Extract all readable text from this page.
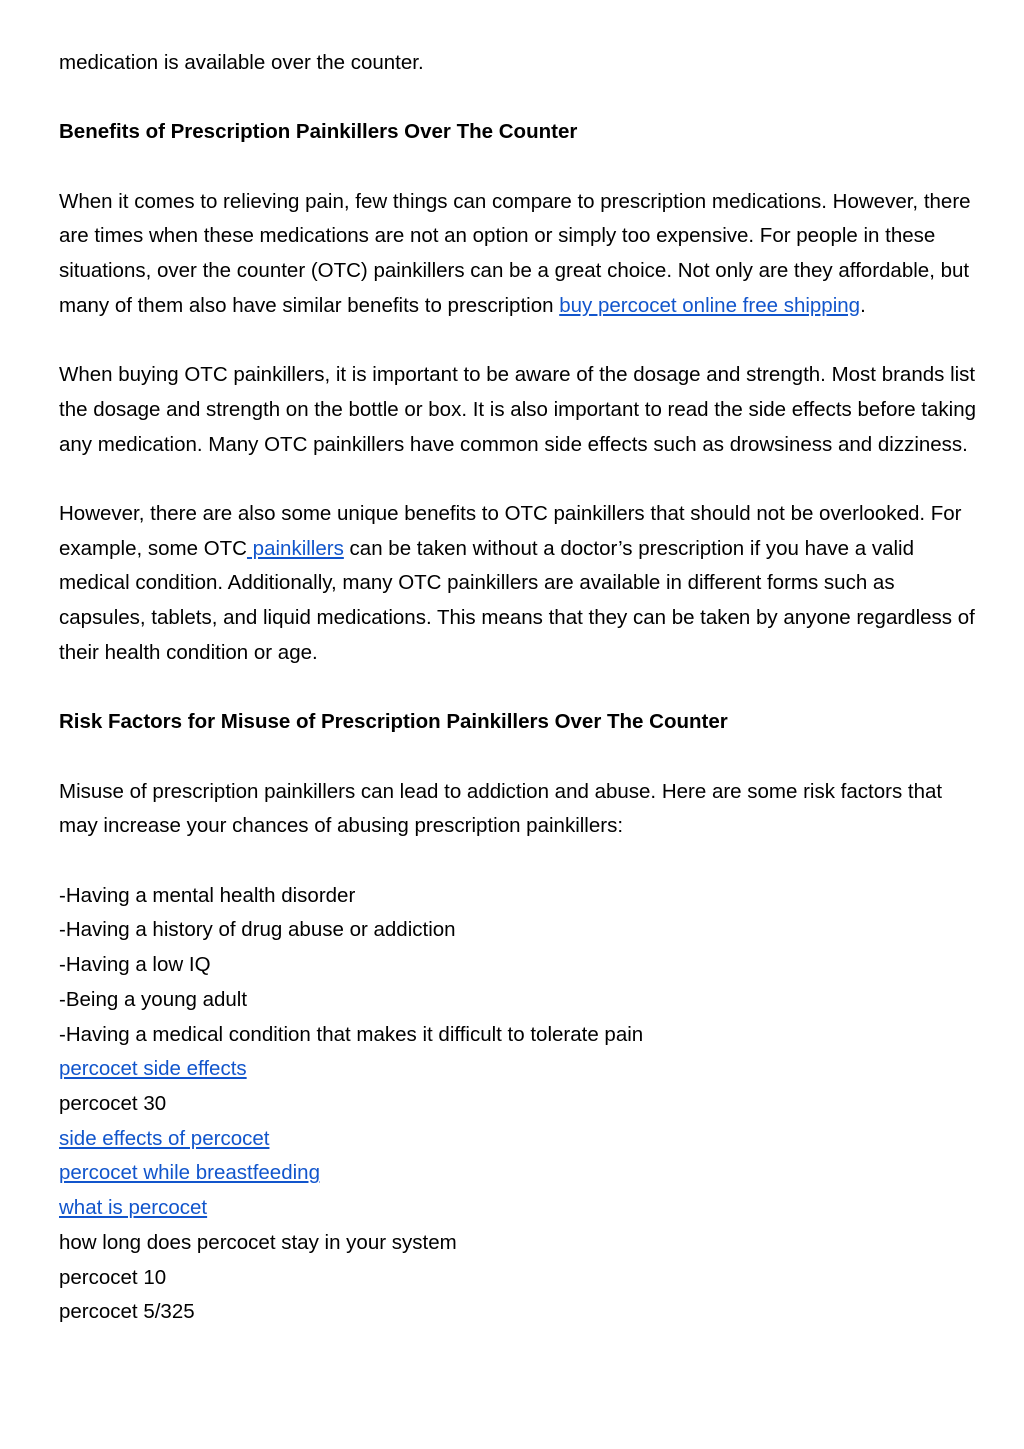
medication is available over the counter.

Benefits of Prescription Painkillers Over The Counter

When it comes to relieving pain, few things can compare to prescription medications. However, there are times when these medications are not an option or simply too expensive. For people in these situations, over the counter (OTC) painkillers can be a great choice. Not only are they affordable, but many of them also have similar benefits to prescription buy percocet online free shipping.

When buying OTC painkillers, it is important to be aware of the dosage and strength. Most brands list the dosage and strength on the bottle or box. It is also important to read the side effects before taking any medication. Many OTC painkillers have common side effects such as drowsiness and dizziness.

However, there are also some unique benefits to OTC painkillers that should not be overlooked. For example, some OTC painkillers can be taken without a doctor’s prescription if you have a valid medical condition. Additionally, many OTC painkillers are available in different forms such as capsules, tablets, and liquid medications. This means that they can be taken by anyone regardless of their health condition or age.

Risk Factors for Misuse of Prescription Painkillers Over The Counter

Misuse of prescription painkillers can lead to addiction and abuse. Here are some risk factors that may increase your chances of abusing prescription painkillers:

-Having a mental health disorder
-Having a history of drug abuse or addiction
-Having a low IQ
-Being a young adult
-Having a medical condition that makes it difficult to tolerate pain
percocet side effects
percocet 30
side effects of percocet
percocet while breastfeeding
what is percocet
how long does percocet stay in your system
percocet 10
percocet 5/325
